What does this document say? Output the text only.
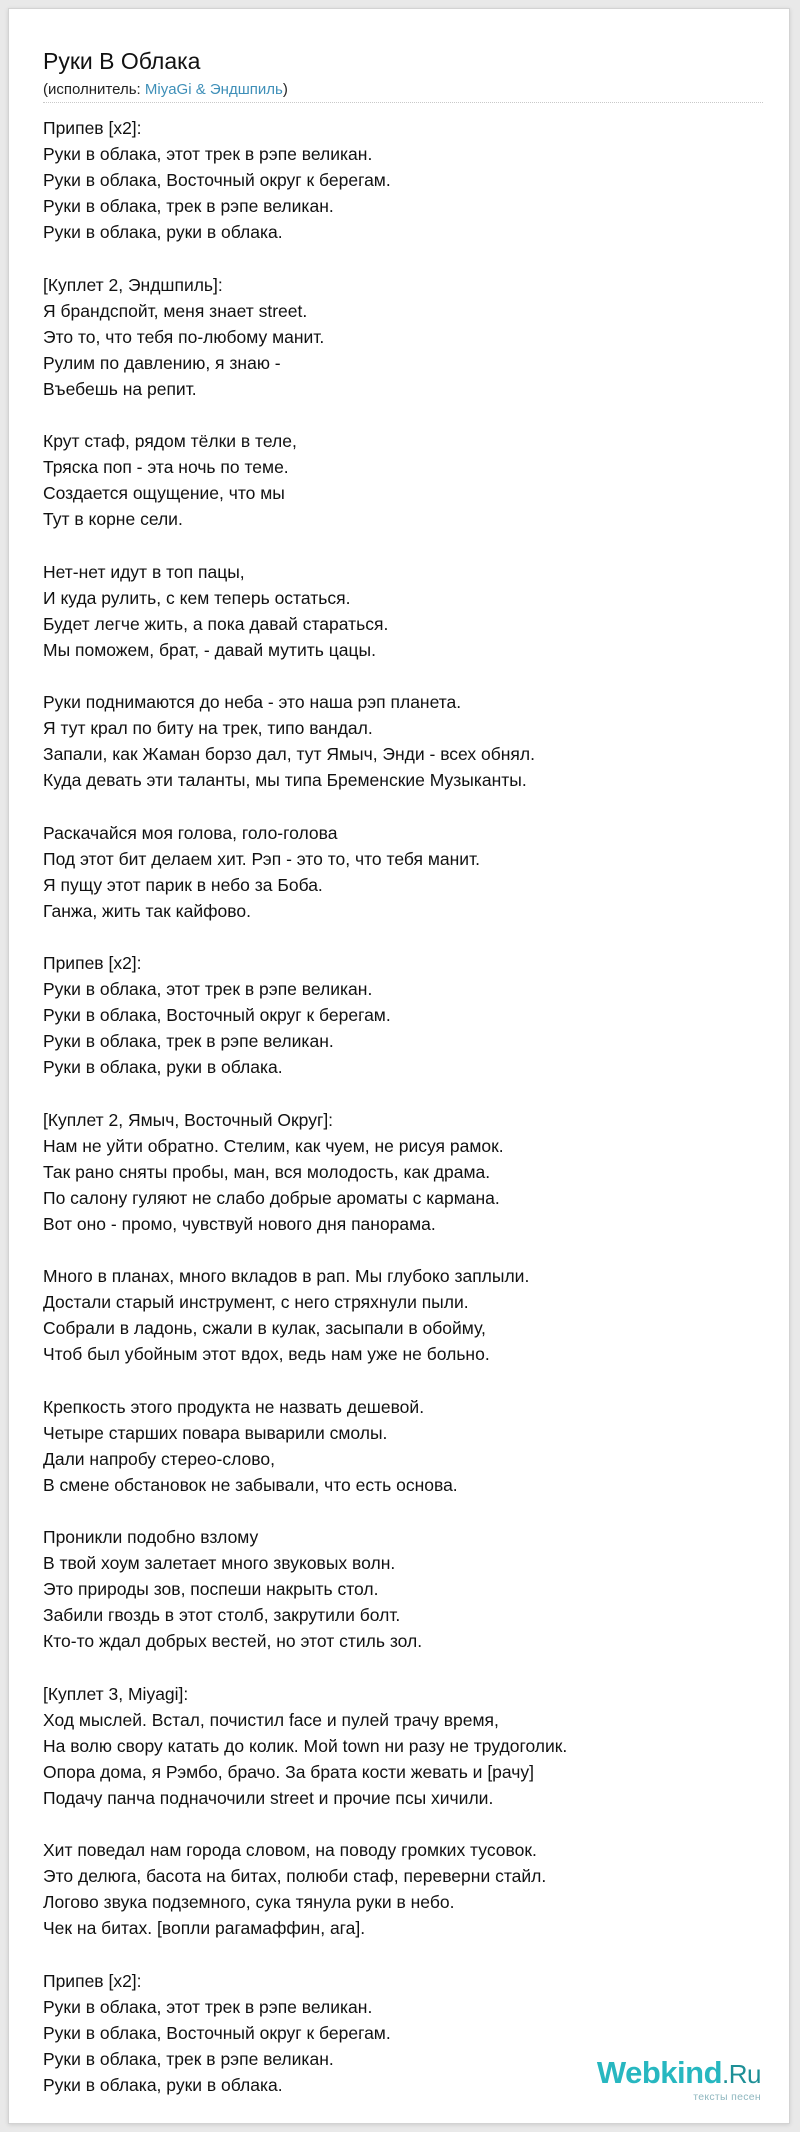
Руки В Облака
(исполнитель: MiyaGi & Эндшпиль)
Припев [x2]:
Руки в облака, этот трек в рэпе великан.
Руки в облака, Восточный округ к берегам.
Руки в облака, трек в рэпе великан.
Руки в облака, руки в облака.
[Куплет 2, Эндшпиль]:
Я брандспойт, меня знает street.
Это то, что тебя по-любому манит.
Рулим по давлению, я знаю -
Въебешь на репит.
Крут стаф, рядом тёлки в теле,
Тряска поп - эта ночь по теме.
Создается ощущение, что мы
Тут в корне сели.
Нет-нет идут в топ пацы,
И куда рулить, с кем теперь остаться.
Будет легче жить, а пока давай стараться.
Мы поможем, брат, - давай мутить цацы.
Руки поднимаются до неба - это наша рэп планета.
Я тут крал по биту на трек, типо вандал.
Запали, как Жаман борзо дал, тут Ямыч, Энди - всех обнял.
Куда девать эти таланты, мы типа Бременские Музыканты.
Раскачайся моя голова, голо-голова
Под этот бит делаем хит. Рэп - это то, что тебя манит.
Я пущу этот парик в небо за Боба.
Ганжа, жить так кайфово.
Припев [x2]:
Руки в облака, этот трек в рэпе великан.
Руки в облака, Восточный округ к берегам.
Руки в облака, трек в рэпе великан.
Руки в облака, руки в облака.
[Куплет 2, Ямыч, Восточный Округ]:
Нам не уйти обратно. Стелим, как чуем, не рисуя рамок.
Так рано сняты пробы, ман, вся молодость, как драма.
По салону гуляют не слабо добрые ароматы с кармана.
Вот оно - промо, чувствуй нового дня панорама.
Много в планах, много вкладов в рап. Мы глубоко заплыли.
Достали старый инструмент, с него стряхнули пыли.
Собрали в ладонь, сжали в кулак, засыпали в обойму,
Чтоб был убойным этот вдох, ведь нам уже не больно.
Крепкость этого продукта не назвать дешевой.
Четыре старших повара выварили смолы.
Дали напробу стерео-слово,
В смене обстановок не забывали, что есть основа.
Проникли подобно взлому
В твой хоум залетает много звуковых волн.
Это природы зов, поспеши накрыть стол.
Забили гвоздь в этот столб, закрутили болт.
Кто-то ждал добрых вестей, но этот стиль зол.
[Куплет 3, Miyagi]:
Ход мыслей. Встал, почистил face и пулей трачу время,
На волю свору катать до колик. Мой town ни разу не трудоголик.
Опора дома, я Рэмбо, брачо. За брата кости жевать и [рачу]
Подачу панча подначочили street и прочие псы хичили.
Хит поведал нам города словом, на поводу громких тусовок.
Это делюга, басота на битах, полюби стаф, переверни стайл.
Логово звука подземного, сука тянула руки в небо.
Чек на битах. [вопли рагамаффин, ага].
Припев [x2]:
Руки в облака, этот трек в рэпе великан.
Руки в облака, Восточный округ к берегам.
Руки в облака, трек в рэпе великан.
Руки в облака, руки в облака.	Webkind.Ru
тексты песен
